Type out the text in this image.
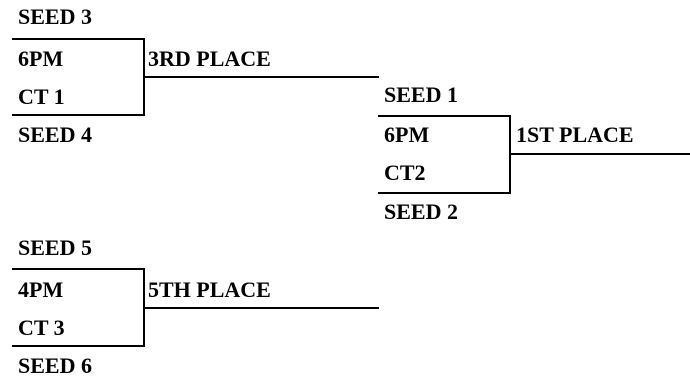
SEED 3
6PM	3RD PLACE
CT 1
SEED 4
SEED 1
6PM	1ST PLACE
CT2
SEED 2
SEED 5
4PM	5TH PLACE
CT 3
SEED 6
